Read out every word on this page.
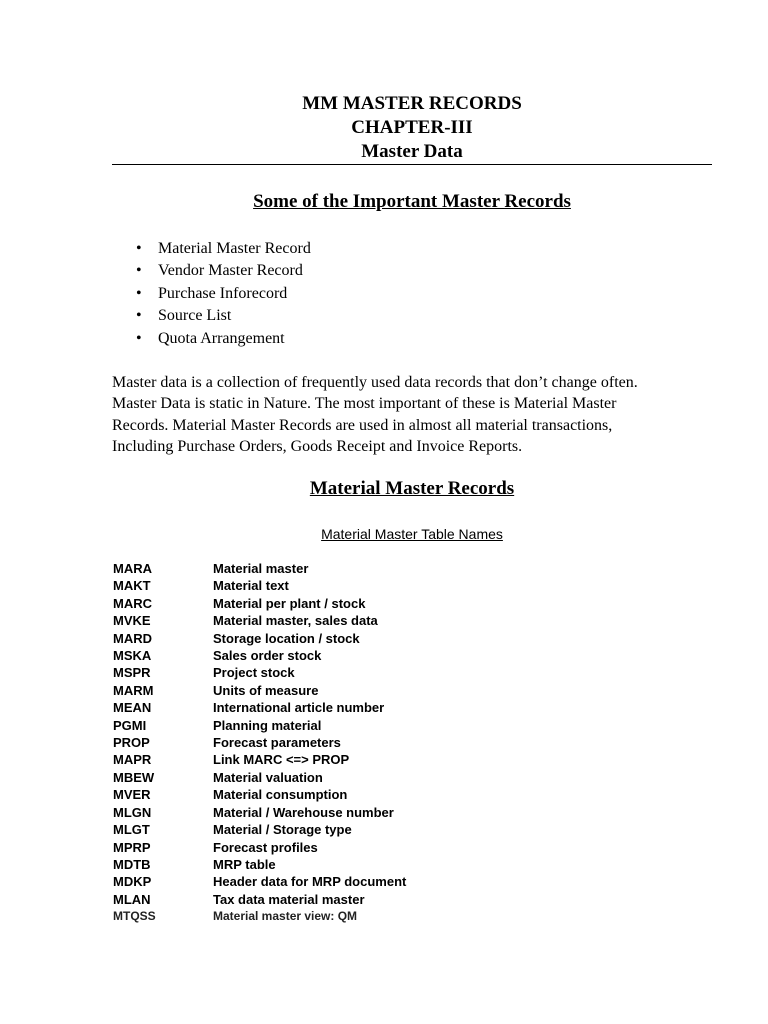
MM MASTER RECORDS
CHAPTER-III
Master Data
Some of the Important Master Records
• Material Master Record
• Vendor Master Record
• Purchase Inforecord
• Source List
• Quota Arrangement
Master data is a collection of frequently used data records that don’t change often.
Master Data is static in Nature. The most important of these is Material Master
Records. Material Master Records are used in almost all material transactions,
Including Purchase Orders, Goods Receipt and Invoice Reports.
Material Master Records
Material Master Table Names
MARA	Material master
MAKT	Material text
MARC	Material per plant / stock
MVKE	Material master, sales data
MARD	Storage location / stock
MSKA	Sales order stock
MSPR	Project stock
MARM	Units of measure
MEAN	International article number
PGMI	Planning material
PROP	Forecast parameters
MAPR	Link MARC <=> PROP
MBEW	Material valuation
MVER	Material consumption
MLGN	Material / Warehouse number
MLGT	Material / Storage type
MPRP	Forecast profiles
MDTB	MRP table
MDKP	Header data for MRP document
MLAN	Tax data material master
MTQSS	Material master view: QM
